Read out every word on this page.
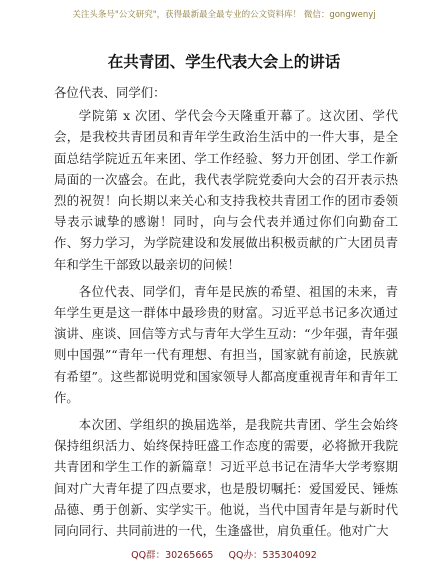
关注头条号"公文研究"，获得最新最全最专业的公文资料库！ 微信：gongwenyj
在共青团、学生代表大会上的讲话

各位代表、同学们：

学院第 x 次团、学代会今天隆重开幕了。这次团、学代会，是我校共青团员和青年学生政治生活中的一件大事，是全面总结学院近五年来团、学工作经验、努力开创团、学工作新局面的一次盛会。在此，我代表学院党委向大会的召开表示热烈的祝贺！向长期以来关心和支持我校共青团工作的团市委领导表示诚挚的感谢！同时，向与会代表并通过你们向勤奋工作、努力学习，为学院建设和发展做出积极贡献的广大团员青年和学生干部致以最亲切的问候！

各位代表、同学们，青年是民族的希望、祖国的未来，青年学生更是这一群体中最珍贵的财富。习近平总书记多次通过演讲、座谈、回信等方式与青年大学生互动：“少年强，青年强则中国强”“青年一代有理想、有担当，国家就有前途，民族就有希望”。这些都说明党和国家领导人都高度重视青年和青年工作。

本次团、学组织的换届选举，是我院共青团、学生会始终保持组织活力、始终保持旺盛工作态度的需要，必将掀开我院共青团和学生工作的新篇章！习近平总书记在清华大学考察期间对广大青年提了四点要求，也是殷切嘱托：爱国爱民、锤炼品德、勇于创新、实学实干。他说，当代中国青年是与新时代同向同行、共同前进的一代，生逢盛世，肩负重任。他对广大

QQ群：30265665 QQ办：535304092
